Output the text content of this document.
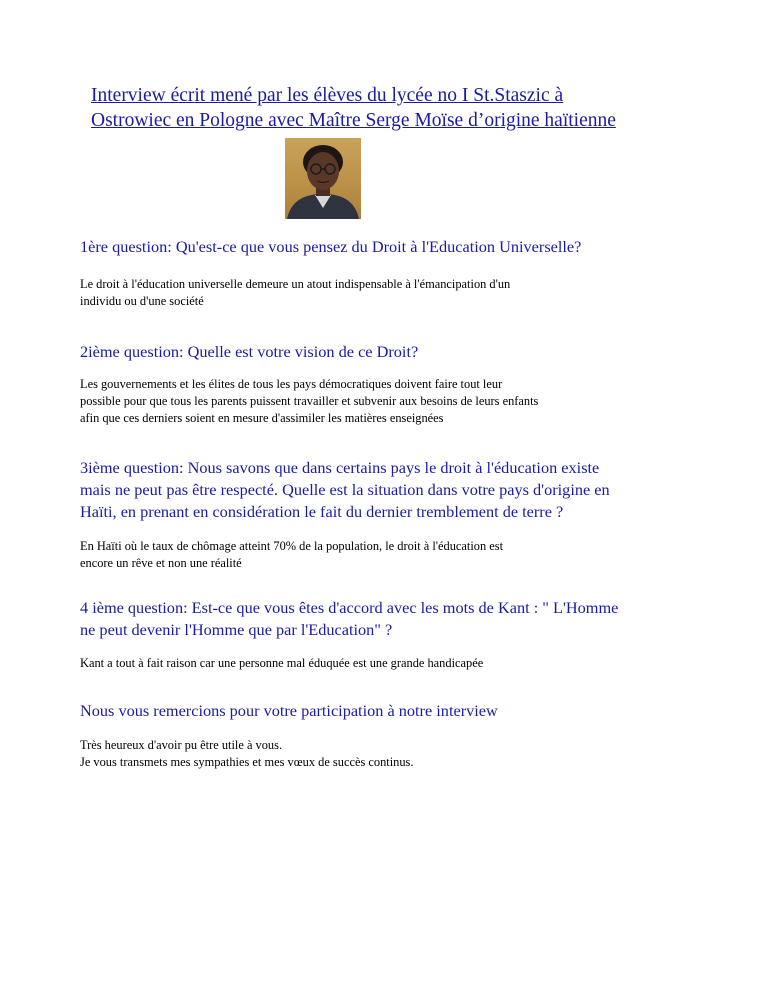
Interview écrit mené par les élèves du lycée no I St.Staszic à
Ostrowiec en Pologne avec Maître Serge Moïse d’origine haïtienne
1ère question: Qu'est-ce que vous pensez du Droit à l'Education Universelle?

Le droit à l'éducation universelle demeure un atout indispensable à l'émancipation d'un
individu ou d'une société

2ième question: Quelle est votre vision de ce Droit?

Les gouvernements et les élites de tous les pays démocratiques doivent faire tout leur
possible pour que tous les parents puissent travailler et subvenir aux besoins de leurs enfants
afin que ces derniers soient en mesure d'assimiler les matières enseignées

3ième question: Nous savons que dans certains pays le droit à l'éducation existe
mais ne peut pas être respecté. Quelle est la situation dans votre pays d'origine en
Haïti, en prenant en considération le fait du dernier tremblement de terre ?

En Haïti où le taux de chômage atteint 70% de la population, le droit à l'éducation est
encore un rêve et non une réalité

4 ième question: Est-ce que vous êtes d'accord avec les mots de Kant : " L'Homme
ne peut devenir l'Homme que par l'Education" ?

Kant a tout à fait raison car une personne mal éduquée est une grande handicapée

Nous vous remercions pour votre participation à notre interview

Très heureux d'avoir pu être utile à vous.
Je vous transmets mes sympathies et mes vœux de succès continus.
